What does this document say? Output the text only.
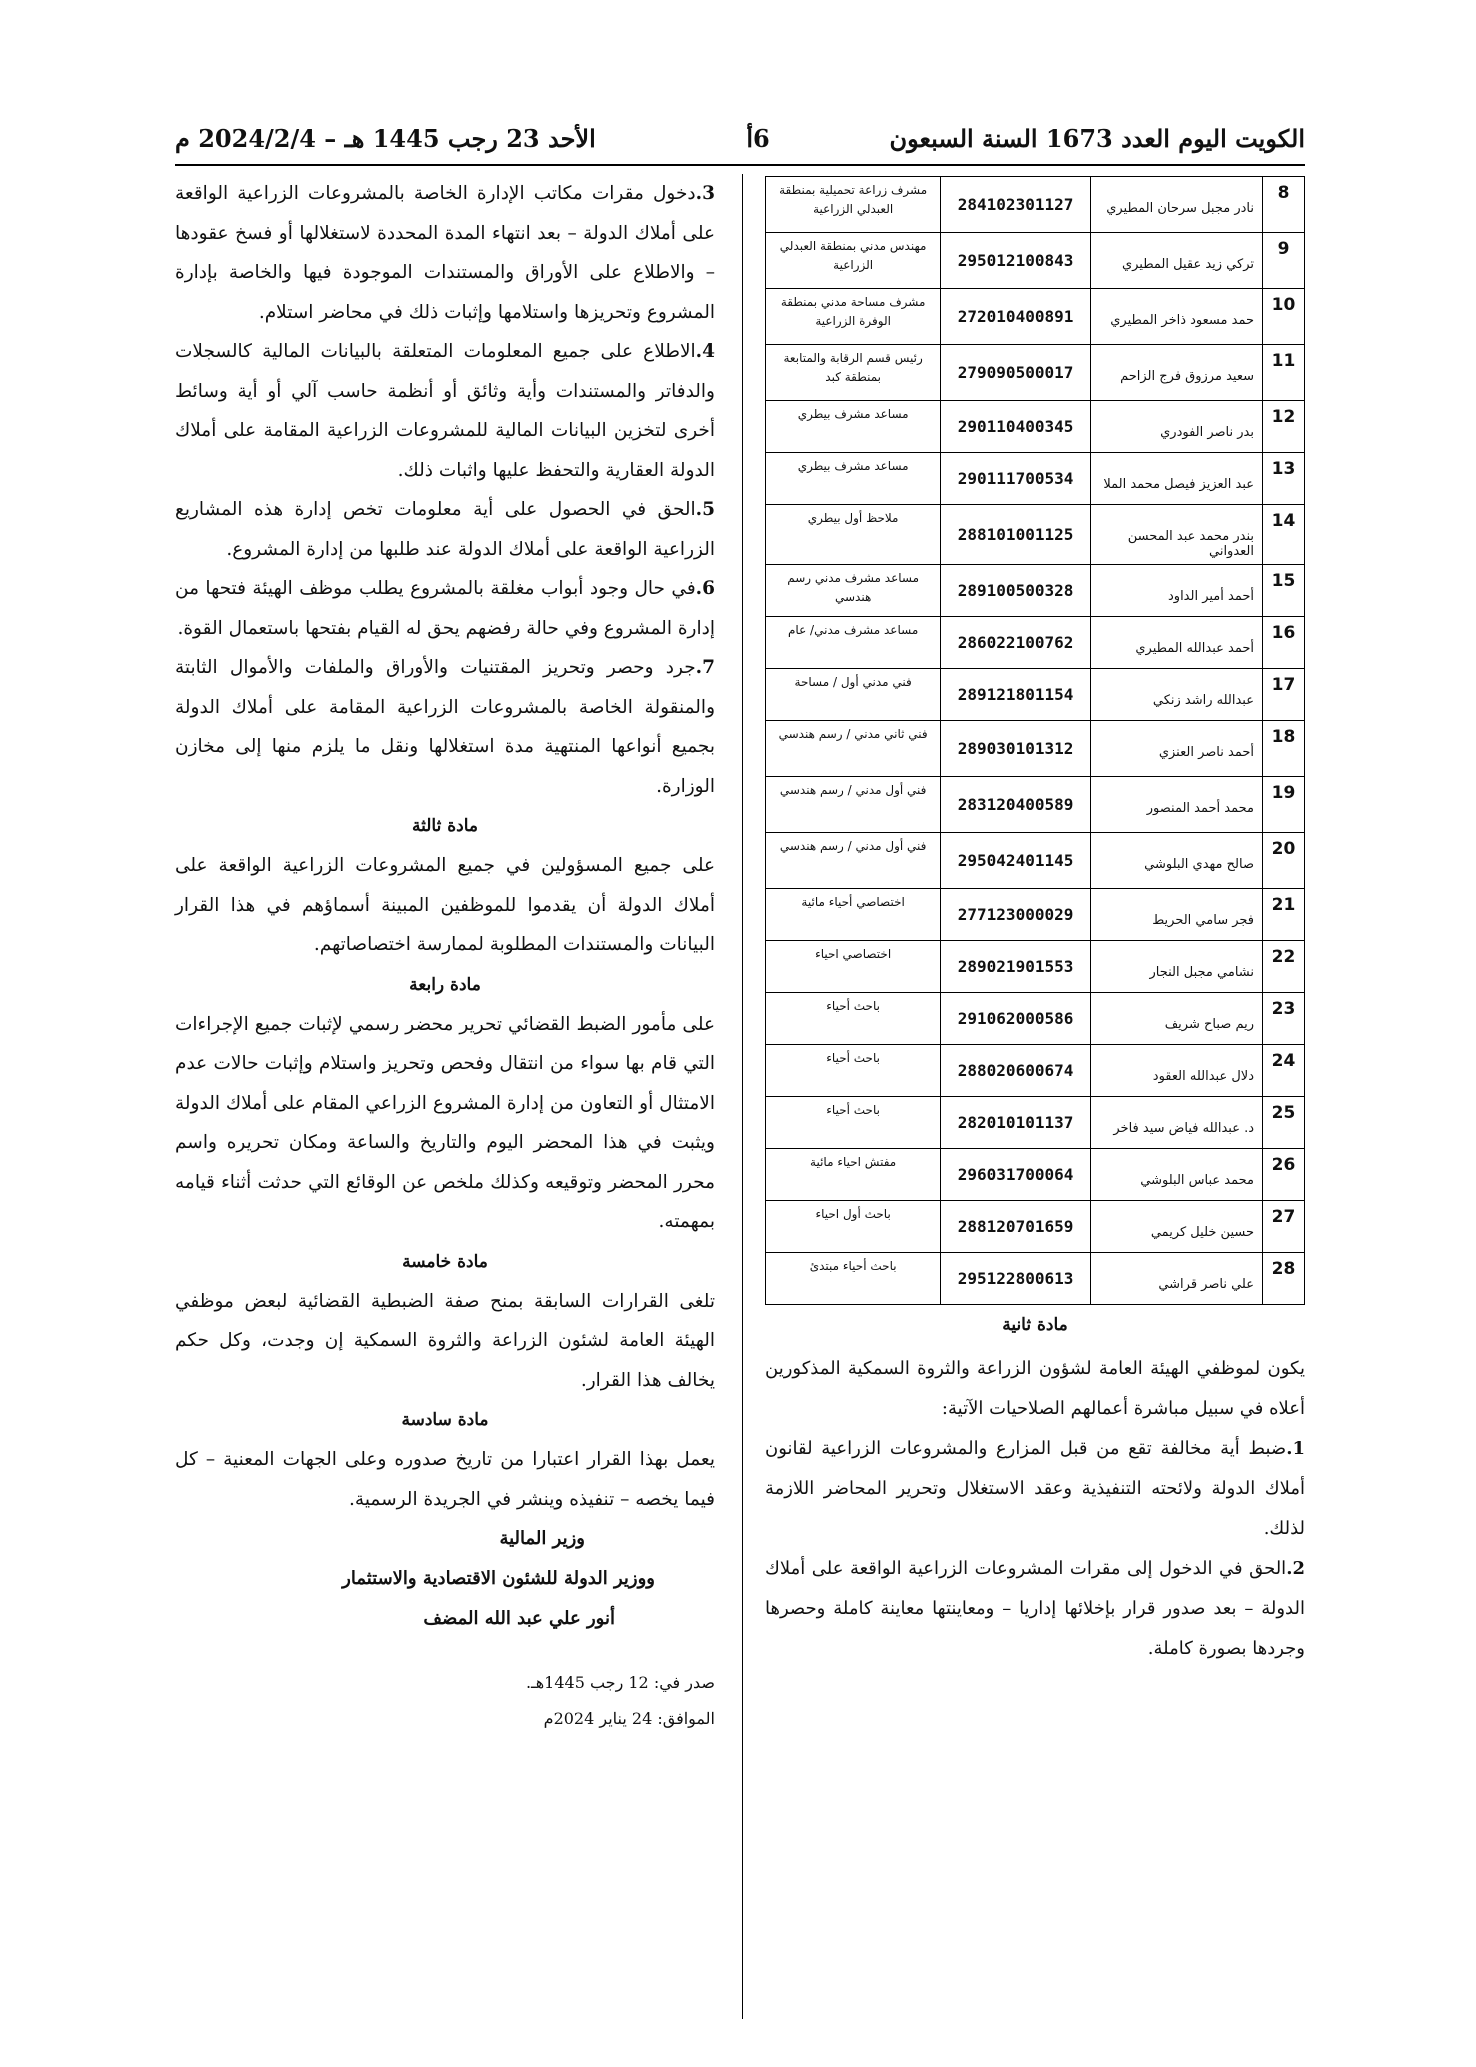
الكويت اليوم العدد 1673 السنة السبعون
6أ
الأحد 23 رجب 1445 هـ – 2024/2/4 م
8	نادر مجبل سرحان المطيري	284102301127	مشرف زراعة تحميلية بمنطقة العبدلي الزراعية
9	تركي زيد عقيل المطيري	295012100843	مهندس مدني بمنطقة العبدلي الزراعية
10	حمد مسعود ذاخر المطيري	272010400891	مشرف مساحة مدني بمنطقة الوفرة الزراعية
11	سعيد مرزوق فرج الزاحم	279090500017	رئيس قسم الرقابة والمتابعة بمنطقة كبد
12	بدر ناصر الفودري	290110400345	مساعد مشرف بيطري
13	عبد العزيز فيصل محمد الملا	290111700534	مساعد مشرف بيطري
14	بندر محمد عبد المحسن العدواني	288101001125	ملاحظ أول بيطري
15	أحمد أمير الداود	289100500328	مساعد مشرف مدني رسم هندسي
16	أحمد عبدالله المطيري	286022100762	مساعد مشرف مدني/ عام
17	عبدالله راشد زنكي	289121801154	فني مدني أول / مساحة
18	أحمد ناصر العنزي	289030101312	فني ثاني مدني / رسم هندسي
19	محمد أحمد المنصور	283120400589	فني أول مدني / رسم هندسي
20	صالح مهدي البلوشي	295042401145	فني أول مدني / رسم هندسي
21	فجر سامي الحريط	277123000029	اختصاصي أحياء مائية
22	نشامي مجبل النجار	289021901553	اختصاصي احياء
23	ريم صباح شريف	291062000586	باحث أحياء
24	دلال عبدالله العقود	288020600674	باحث أحياء
25	د. عبدالله فياض سيد فاخر	282010101137	باحث أحياء
26	محمد عباس البلوشي	296031700064	مفتش احياء مائية
27	حسين خليل كريمي	288120701659	باحث أول احياء
28	علي ناصر قراشي	295122800613	باحث أحياء مبتدئ
مادة ثانية

يكون لموظفي الهيئة العامة لشؤون الزراعة والثروة السمكية المذكورين أعلاه في سبيل مباشرة أعمالهم الصلاحيات الآتية:

1.ضبط أية مخالفة تقع من قبل المزارع والمشروعات الزراعية لقانون أملاك الدولة ولائحته التنفيذية وعقد الاستغلال وتحرير المحاضر اللازمة لذلك.

2.الحق في الدخول إلى مقرات المشروعات الزراعية الواقعة على أملاك الدولة – بعد صدور قرار بإخلائها إداريا – ومعاينتها معاينة كاملة وحصرها وجردها بصورة كاملة.

3.دخول مقرات مكاتب الإدارة الخاصة بالمشروعات الزراعية الواقعة على أملاك الدولة – بعد انتهاء المدة المحددة لاستغلالها أو فسخ عقودها – والاطلاع على الأوراق والمستندات الموجودة فيها والخاصة بإدارة المشروع وتحريزها واستلامها وإثبات ذلك في محاضر استلام.

4.الاطلاع على جميع المعلومات المتعلقة بالبيانات المالية كالسجلات والدفاتر والمستندات وأية وثائق أو أنظمة حاسب آلي أو أية وسائط أخرى لتخزين البيانات المالية للمشروعات الزراعية المقامة على أملاك الدولة العقارية والتحفظ عليها واثبات ذلك.

5.الحق في الحصول على أية معلومات تخص إدارة هذه المشاريع الزراعية الواقعة على أملاك الدولة عند طلبها من إدارة المشروع.

6.في حال وجود أبواب مغلقة بالمشروع يطلب موظف الهيئة فتحها من إدارة المشروع وفي حالة رفضهم يحق له القيام بفتحها باستعمال القوة.

7.جرد وحصر وتحريز المقتنيات والأوراق والملفات والأموال الثابتة والمنقولة الخاصة بالمشروعات الزراعية المقامة على أملاك الدولة بجميع أنواعها المنتهية مدة استغلالها ونقل ما يلزم منها إلى مخازن الوزارة.

مادة ثالثة

على جميع المسؤولين في جميع المشروعات الزراعية الواقعة على أملاك الدولة أن يقدموا للموظفين المبينة أسماؤهم في هذا القرار البيانات والمستندات المطلوبة لممارسة اختصاصاتهم.

مادة رابعة

على مأمور الضبط القضائي تحرير محضر رسمي لإثبات جميع الإجراءات التي قام بها سواء من انتقال وفحص وتحريز واستلام وإثبات حالات عدم الامتثال أو التعاون من إدارة المشروع الزراعي المقام على أملاك الدولة ويثبت في هذا المحضر اليوم والتاريخ والساعة ومكان تحريره واسم محرر المحضر وتوقيعه وكذلك ملخص عن الوقائع التي حدثت أثناء قيامه بمهمته.

مادة خامسة

تلغى القرارات السابقة بمنح صفة الضبطية القضائية لبعض موظفي الهيئة العامة لشئون الزراعة والثروة السمكية إن وجدت، وكل حكم يخالف هذا القرار.

مادة سادسة

يعمل بهذا القرار اعتبارا من تاريخ صدوره وعلى الجهات المعنية – كل فيما يخصه – تنفيذه وينشر في الجريدة الرسمية.

وزير المالية
ووزير الدولة للشئون الاقتصادية والاستثمار
أنور علي عبد الله المضف
صدر في: 12 رجب 1445هـ.
الموافق: 24 يناير 2024م
